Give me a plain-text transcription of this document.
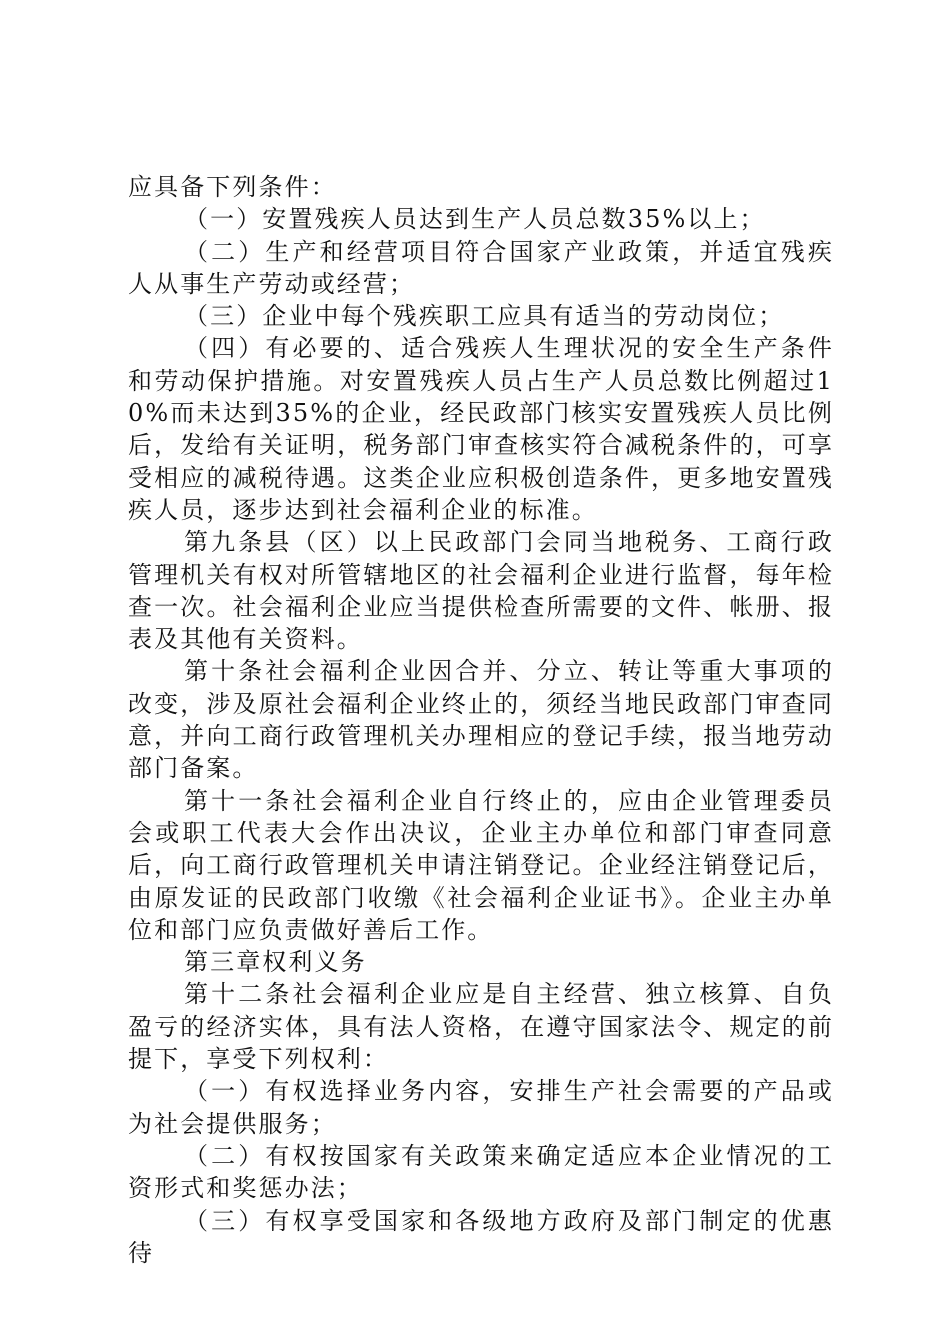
应具备下列条件：

（一）安置残疾人员达到生产人员总数35%以上；

（二）生产和经营项目符合国家产业政策，并适宜残疾人从事生产劳动或经营；

（三）企业中每个残疾职工应具有适当的劳动岗位；

（四）有必要的、适合残疾人生理状况的安全生产条件和劳动保护措施。对安置残疾人员占生产人员总数比例超过10%而未达到35%的企业，经民政部门核实安置残疾人员比例后，发给有关证明，税务部门审查核实符合减税条件的，可享受相应的减税待遇。这类企业应积极创造条件，更多地安置残疾人员，逐步达到社会福利企业的标准。

第九条县（区）以上民政部门会同当地税务、工商行政管理机关有权对所管辖地区的社会福利企业进行监督，每年检查一次。社会福利企业应当提供检查所需要的文件、帐册、报表及其他有关资料。

第十条社会福利企业因合并、分立、转让等重大事项的改变，涉及原社会福利企业终止的，须经当地民政部门审查同意，并向工商行政管理机关办理相应的登记手续，报当地劳动部门备案。

第十一条社会福利企业自行终止的，应由企业管理委员会或职工代表大会作出决议，企业主办单位和部门审查同意后，向工商行政管理机关申请注销登记。企业经注销登记后，由原发证的民政部门收缴《社会福利企业证书》。企业主办单位和部门应负责做好善后工作。

第三章权利义务

第十二条社会福利企业应是自主经营、独立核算、自负盈亏的经济实体，具有法人资格，在遵守国家法令、规定的前提下，享受下列权利：

（一）有权选择业务内容，安排生产社会需要的产品或为社会提供服务；

（二）有权按国家有关政策来确定适应本企业情况的工资形式和奖惩办法；

（三）有权享受国家和各级地方政府及部门制定的优惠待
